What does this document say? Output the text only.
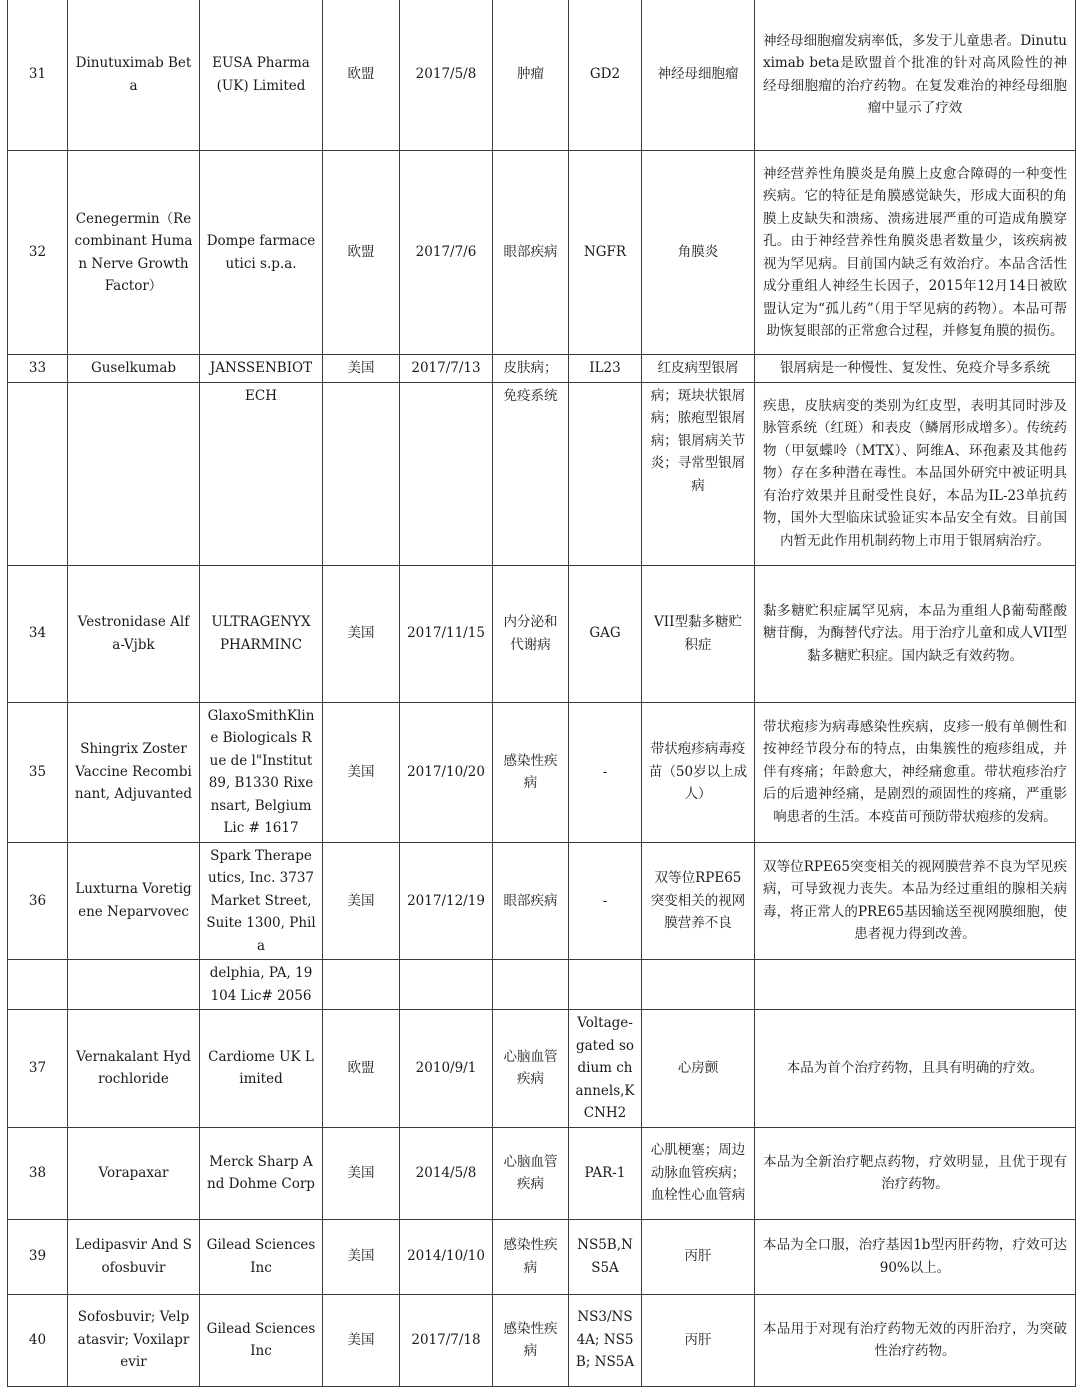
31	Dinutuximab Beta	EUSA Pharma (UK) Limited	欧盟	2017/5/8	肿瘤	GD2	神经母细胞瘤	神经母细胞瘤发病率低，多发于儿童患者。Dinutuximab beta是欧盟首个批准的针对高风险性的神经母细胞瘤的治疗药物。在复发难治的神经母细胞瘤中显示了疗效
32	Cenegermin（Recombinant Human Nerve Growth Factor）	Dompe farmaceutici s.p.a.	欧盟	2017/7/6	眼部疾病	NGFR	角膜炎	神经营养性角膜炎是角膜上皮愈合障碍的一种变性疾病。它的特征是角膜感觉缺失，形成大面积的角膜上皮缺失和溃疡、溃疡进展严重的可造成角膜穿孔。由于神经营养性角膜炎患者数量少，该疾病被视为罕见病。目前国内缺乏有效治疗。本品含活性成分重组人神经生长因子，2015年12月14日被欧盟认定为“孤儿药”（用于罕见病的药物）。本品可帮助恢复眼部的正常愈合过程，并修复角膜的损伤。
33	Guselkumab	JANSSENBIOT	美国	2017/7/13	皮肤病；	IL23	红皮病型银屑	银屑病是一种慢性、复发性、免疫介导多系统
		ECH			免疫系统		病；斑块状银屑病；脓疱型银屑病；银屑病关节炎；寻常型银屑病	疾患，皮肤病变的类别为红皮型，表明其同时涉及脉管系统（红斑）和表皮（鳞屑形成增多）。传统药物（甲氨蝶呤（MTX）、阿维A、环孢素及其他药物）存在多种潜在毒性。本品国外研究中被证明具有治疗效果并且耐受性良好，本品为IL-23单抗药物，国外大型临床试验证实本品安全有效。目前国内暂无此作用机制药物上市用于银屑病治疗。
34	Vestronidase Alfa-Vjbk	ULTRAGENYX PHARMINC	美国	2017/11/15	内分泌和代谢病	GAG	VII型黏多糖贮积症	黏多糖贮积症属罕见病，本品为重组人β葡萄醛酸糖苷酶，为酶替代疗法。用于治疗儿童和成人VII型黏多糖贮积症。国内缺乏有效药物。
35	Shingrix Zoster Vaccine Recombinant, Adjuvanted	GlaxoSmithKline Biologicals Rue de l"Institut 89, B1330 Rixensart, Belgium Lic # 1617	美国	2017/10/20	感染性疾病	-	带状疱疹病毒疫苗（50岁以上成人）	带状疱疹为病毒感染性疾病，皮疹一般有单侧性和按神经节段分布的特点，由集簇性的疱疹组成，并伴有疼痛；年龄愈大，神经痛愈重。带状疱疹治疗后的后遗神经痛，是剧烈的顽固性的疼痛，严重影响患者的生活。本疫苗可预防带状疱疹的发病。
36	Luxturna Voretigene Neparvovec	Spark Therapeutics, Inc. 3737 Market Street, Suite 1300, Phila	美国	2017/12/19	眼部疾病	-	双等位RPE65突变相关的视网膜营养不良	双等位RPE65突变相关的视网膜营养不良为罕见疾病，可导致视力丧失。本品为经过重组的腺相关病毒，将正常人的PRE65基因输送至视网膜细胞，使患者视力得到改善。
		delphia, PA, 19104 Lic# 2056						
37	Vernakalant Hydrochloride	Cardiome UK Limited	欧盟	2010/9/1	心脑血管疾病	Voltage-gated sodium channels,KCNH2	心房颤	本品为首个治疗药物，且具有明确的疗效。
38	Vorapaxar	Merck Sharp And Dohme Corp	美国	2014/5/8	心脑血管疾病	PAR-1	心肌梗塞；周边动脉血管疾病；血栓性心血管病	本品为全新治疗靶点药物，疗效明显，且优于现有治疗药物。
39	Ledipasvir And Sofosbuvir	Gilead Sciences Inc	美国	2014/10/10	感染性疾病	NS5B,NS5A	丙肝	本品为全口服，治疗基因1b型丙肝药物，疗效可达90%以上。
40	Sofosbuvir; Velpatasvir; Voxilaprevir	Gilead Sciences Inc	美国	2017/7/18	感染性疾病	NS3/NS4A; NS5B; NS5A	丙肝	本品用于对现有治疗药物无效的丙肝治疗，为突破性治疗药物。
